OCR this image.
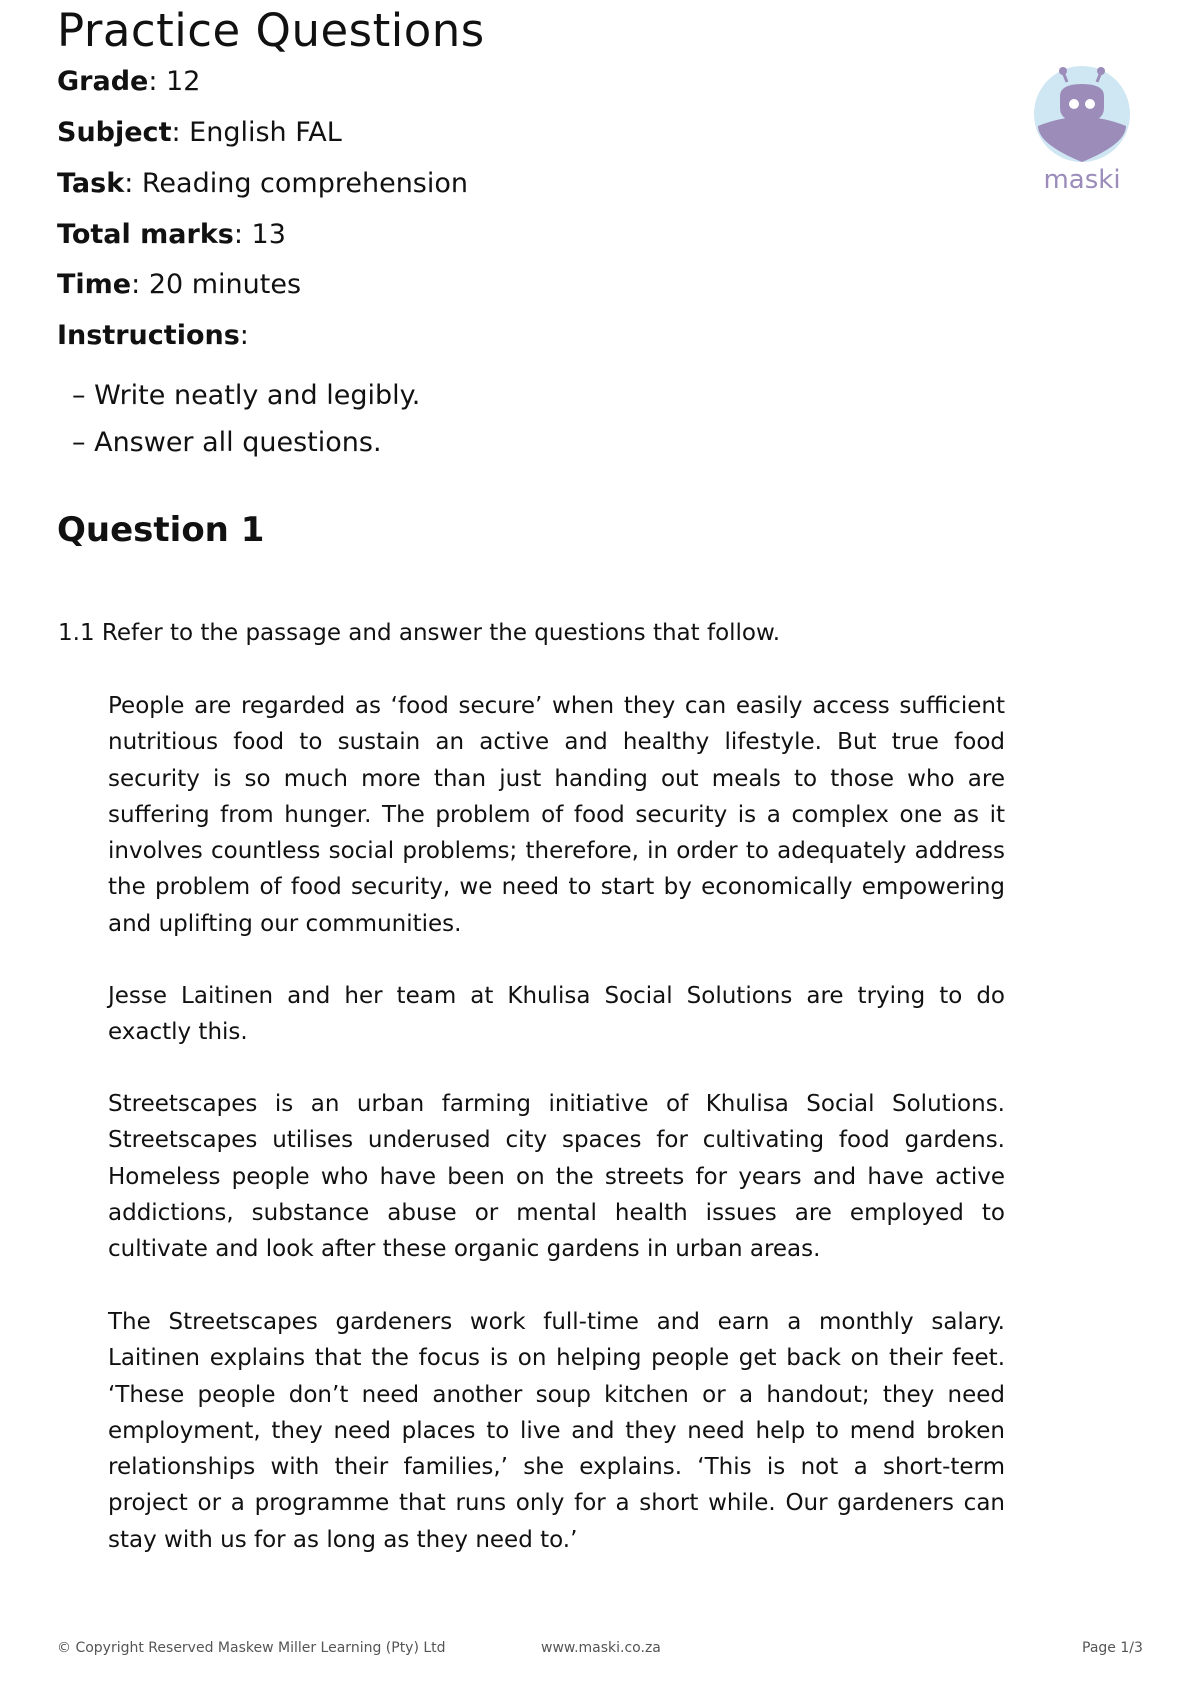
Practice Questions
Grade: 12
Subject: English FAL
Task: Reading comprehension
Total marks: 13
Time: 20 minutes
Instructions:
– Write neatly and legibly.
– Answer all questions.
maski
Question 1
1.1 Refer to the passage and answer the questions that follow.
People are regarded as ‘food secure’ when they can easily access sufficient nutritious food to sustain an active and healthy lifestyle. But true food security is so much more than just handing out meals to those who are suffering from hunger. The problem of food security is a complex one as it involves countless social problems; therefore, in order to adequately address the problem of food security, we need to start by economically empowering and uplifting our communities.
Jesse Laitinen and her team at Khulisa Social Solutions are trying to do exactly this.
Streetscapes is an urban farming initiative of Khulisa Social Solutions. Streetscapes utilises underused city spaces for cultivating food gardens. Homeless people who have been on the streets for years and have active addictions, substance abuse or mental health issues are employed to cultivate and look after these organic gardens in urban areas.
The Streetscapes gardeners work full-time and earn a monthly salary. Laitinen explains that the focus is on helping people get back on their feet. ‘These people don’t need another soup kitchen or a handout; they need employment, they need places to live and they need help to mend broken relationships with their families,’ she explains. ‘This is not a short-term project or a programme that runs only for a short while. Our gardeners can stay with us for as long as they need to.’
© Copyright Reserved Maskew Miller Learning (Pty) Ltd	www.maski.co.za	Page 1/3
